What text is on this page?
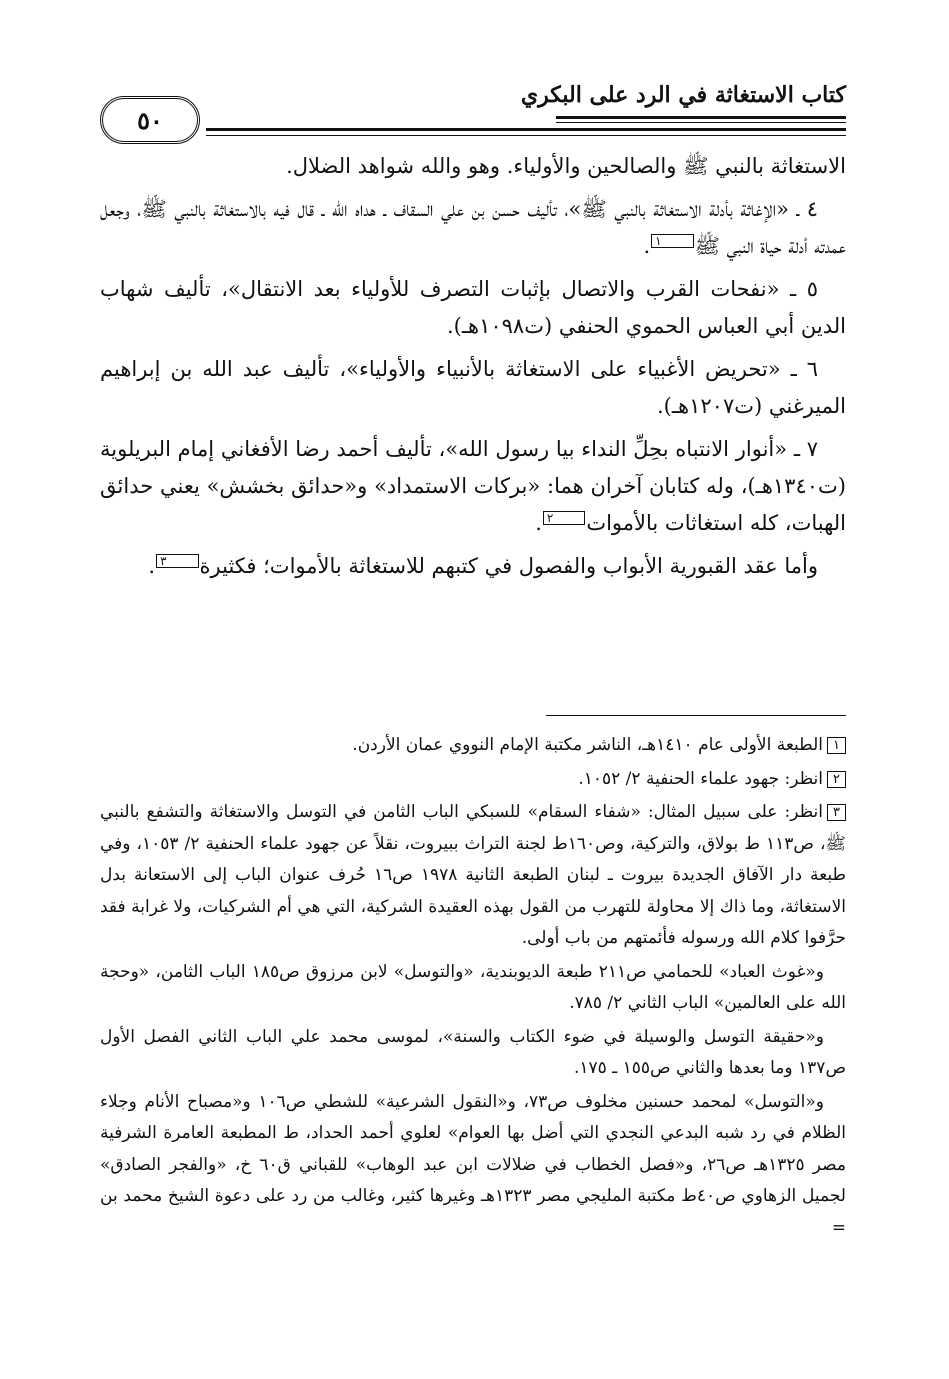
كتاب الاستغاثة في الرد على البكري
٥٠

الاستغاثة بالنبي ﷺ والصالحين والأولياء. وهو والله شواهد الضلال.

٤ ـ «الإغاثة بأدلة الاستغاثة بالنبي ﷺ»، تأليف حسن بن علي السقاف ـ هداه الله ـ قال فيه بالاستغاثة بالنبي ﷺ، وجعل عمدته أدلة حياة النبي ﷺ١.

٥ ـ «نفحات القرب والاتصال بإثبات التصرف للأولياء بعد الانتقال»، تأليف شهاب الدين أبي العباس الحموي الحنفي (ت١٠٩٨هـ).

٦ ـ «تحريض الأغبياء على الاستغاثة بالأنبياء والأولياء»، تأليف عبد الله بن إبراهيم الميرغني (ت١٢٠٧هـ).

٧ ـ «أنوار الانتباه بحِلِّ النداء بيا رسول الله»، تأليف أحمد رضا الأفغاني إمام البريلوية (ت١٣٤٠هـ)، وله كتابان آخران هما: «بركات الاستمداد» و«حدائق بخشش» يعني حدائق الهبات، كله استغاثات بالأموات٢.

وأما عقد القبورية الأبواب والفصول في كتبهم للاستغاثة بالأموات؛ فكثيرة٣.

١الطبعة الأولى عام ١٤١٠هـ، الناشر مكتبة الإمام النووي عمان الأردن.

٢انظر: جهود علماء الحنفية ٢/ ١٠٥٢.

٣انظر: على سبيل المثال: «شفاء السقام» للسبكي الباب الثامن في التوسل والاستغاثة والتشفع بالنبي ﷺ، ص١١٣ ط بولاق، والتركية، وص١٦٠ط لجنة التراث ببيروت، نقلاً عن جهود علماء الحنفية ٢/ ١٠٥٣، وفي طبعة دار الآفاق الجديدة بيروت ـ لبنان الطبعة الثانية ١٩٧٨ ص١٦ حُرف عنوان الباب إلى الاستعانة بدل الاستغاثة، وما ذاك إلا محاولة للتهرب من القول بهذه العقيدة الشركية، التي هي أم الشركيات، ولا غرابة فقد حرَّفوا كلام الله ورسوله فأئمتهم من باب أولى.

و«غوث العباد» للحمامي ص٢١١ طبعة الديوبندية، «والتوسل» لابن مرزوق ص١٨٥ الباب الثامن، «وحجة الله على العالمين» الباب الثاني ٢/ ٧٨٥.

و«حقيقة التوسل والوسيلة في ضوء الكتاب والسنة»، لموسى محمد علي الباب الثاني الفصل الأول ص١٣٧ وما بعدها والثاني ص١٥٥ ـ ١٧٥.

و«التوسل» لمحمد حسنين مخلوف ص٧٣، و«النقول الشرعية» للشطي ص١٠٦ و«مصباح الأنام وجلاء الظلام في رد شبه البدعي النجدي التي أضل بها العوام» لعلوي أحمد الحداد، ط المطبعة العامرة الشرفية مصر ١٣٢٥هـ ص٢٦، و«فصل الخطاب في ضلالات ابن عبد الوهاب» للقباني ق٦٠ خ، «والفجر الصادق» لجميل الزهاوي ص٤٠ط مكتبة المليجي مصر ١٣٢٣هـ وغيرها كثير، وغالب من رد على دعوة الشيخ محمد بن =
